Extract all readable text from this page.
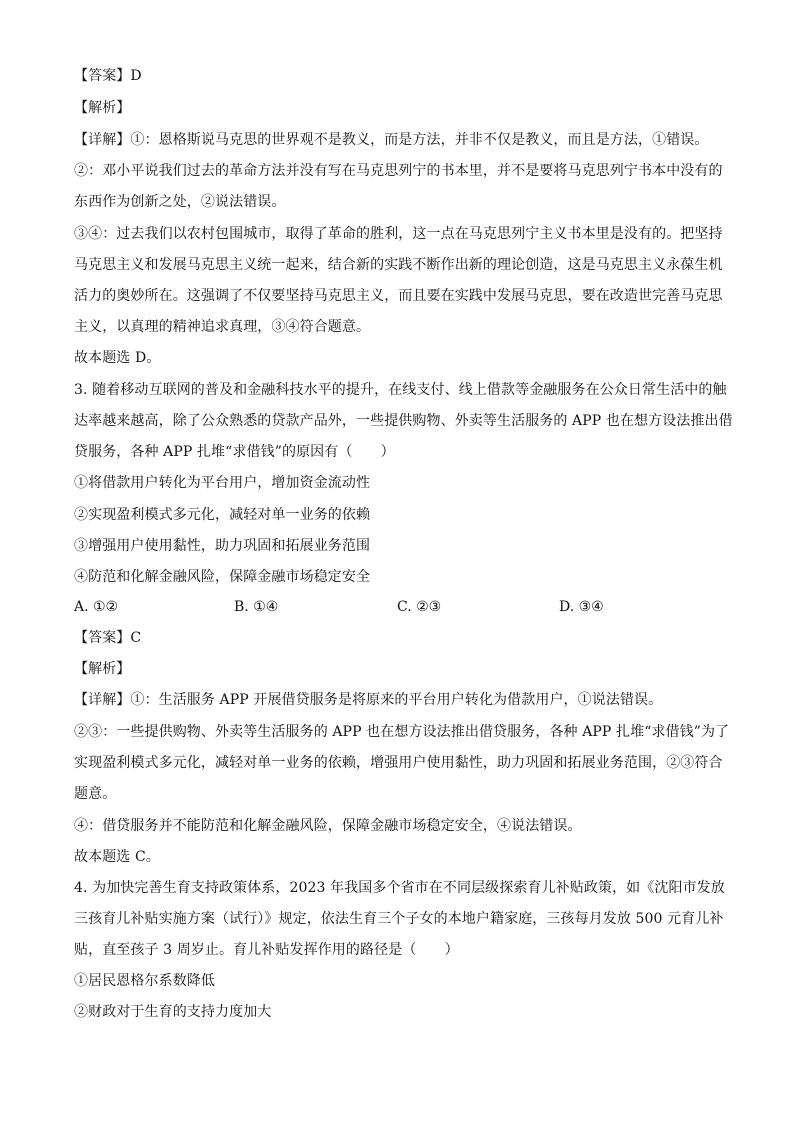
【答案】D
【解析】
【详解】①：恩格斯说马克思的世界观不是教义，而是方法，并非不仅是教义，而且是方法，①错误。
②：邓小平说我们过去的革命方法并没有写在马克思列宁的书本里，并不是要将马克思列宁书本中没有的
东西作为创新之处，②说法错误。
③④：过去我们以农村包围城市，取得了革命的胜利，这一点在马克思列宁主义书本里是没有的。把坚持
马克思主义和发展马克思主义统一起来，结合新的实践不断作出新的理论创造，这是马克思主义永葆生机
活力的奥妙所在。这强调了不仅要坚持马克思主义，而且要在实践中发展马克思，要在改造世完善马克思
主义，以真理的精神追求真理，③④符合题意。
故本题选 D。
3. 随着移动互联网的普及和金融科技水平的提升，在线支付、线上借款等金融服务在公众日常生活中的触
达率越来越高，除了公众熟悉的贷款产品外，一些提供购物、外卖等生活服务的 APP 也在想方设法推出借
贷服务，各种 APP 扎堆“求借钱”的原因有（　　）
①将借款用户转化为平台用户，增加资金流动性
②实现盈利模式多元化，减轻对单一业务的依赖
③增强用户使用黏性，助力巩固和拓展业务范围
④防范和化解金融风险，保障金融市场稳定安全
A. ①②	B. ①④	C. ②③	D. ③④
【答案】C
【解析】
【详解】①：生活服务 APP 开展借贷服务是将原来的平台用户转化为借款用户，①说法错误。
②③：一些提供购物、外卖等生活服务的 APP 也在想方设法推出借贷服务，各种 APP 扎堆“求借钱”为了
实现盈利模式多元化，减轻对单一业务的依赖，增强用户使用黏性，助力巩固和拓展业务范围，②③符合
题意。
④：借贷服务并不能防范和化解金融风险，保障金融市场稳定安全，④说法错误。
故本题选 C。
4. 为加快完善生育支持政策体系，2023 年我国多个省市在不同层级探索育儿补贴政策，如《沈阳市发放
三孩育儿补贴实施方案（试行）》规定，依法生育三个子女的本地户籍家庭，三孩每月发放 500 元育儿补
贴，直至孩子 3 周岁止。育儿补贴发挥作用的路径是（　　）
①居民恩格尔系数降低
②财政对于生育的支持力度加大
